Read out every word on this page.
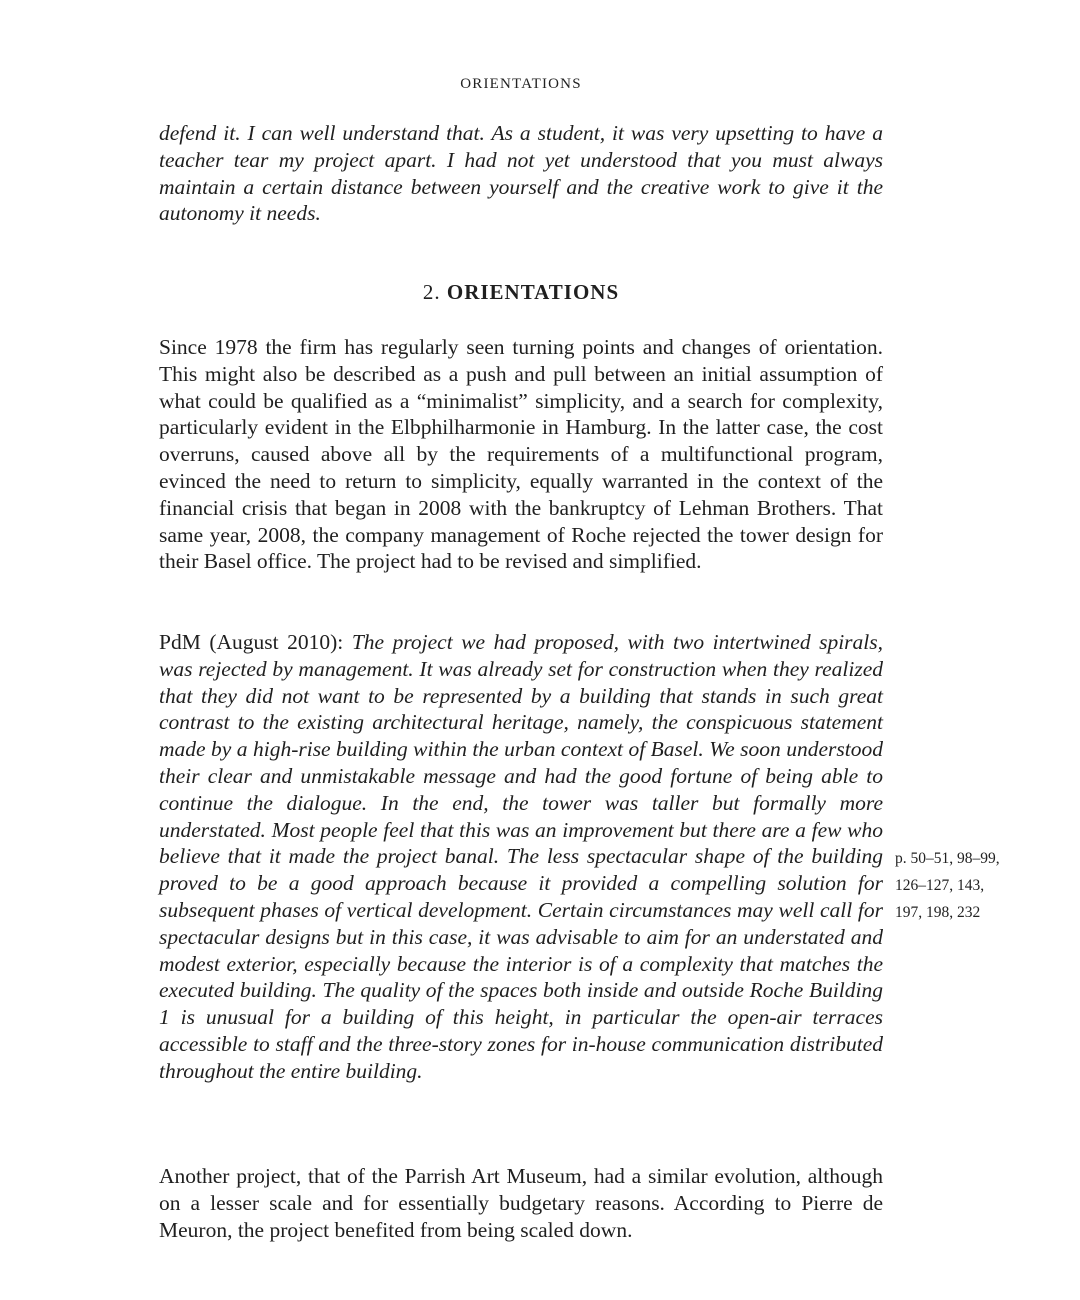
ORIENTATIONS

defend it. I can well understand that. As a student, it was very upsetting to have a teacher tear my project apart. I had not yet understood that you must always maintain a certain distance between yourself and the creative work to give it the autonomy it needs.

2. ORIENTATIONS

Since 1978 the firm has regularly seen turning points and changes of orientation. This might also be described as a push and pull between an initial assumption of what could be qualified as a “minimalist” simplicity, and a search for complexity, particularly evident in the Elbphilharmonie in Hamburg. In the latter case, the cost overruns, caused above all by the requirements of a multifunctional program, evinced the need to return to simplicity, equally warranted in the context of the financial crisis that began in 2008 with the bankruptcy of Lehman Brothers. That same year, 2008, the company management of Roche rejected the tower design for their Basel office. The project had to be revised and simplified.

PdM (August 2010): The project we had proposed, with two intertwined spirals, was rejected by management. It was already set for construction when they realized that they did not want to be represented by a building that stands in such great contrast to the existing architectural heritage, namely, the conspicuous statement made by a high-rise building within the urban context of Basel. We soon understood their clear and unmistakable message and had the good fortune of being able to continue the dialogue. In the end, the tower was taller but formally more understated. Most people feel that this was an improvement but there are a few who believe that it made the project banal. The less spectacular shape of the building proved to be a good approach because it provided a compelling solution for subsequent phases of vertical development. Certain circumstances may well call for spectacular designs but in this case, it was advisable to aim for an understated and modest exterior, especially because the interior is of a complexity that matches the executed building. The quality of the spaces both inside and outside Roche Building 1 is unusual for a building of this height, in particular the open-air terraces accessible to staff and the three-story zones for in-house communication distributed throughout the entire building.

p. 50–51, 98–99,
126–127, 143,
197, 198, 232

Another project, that of the Parrish Art Museum, had a similar evolution, although on a lesser scale and for essentially budgetary reasons. According to Pierre de Meuron, the project benefited from being scaled down.
